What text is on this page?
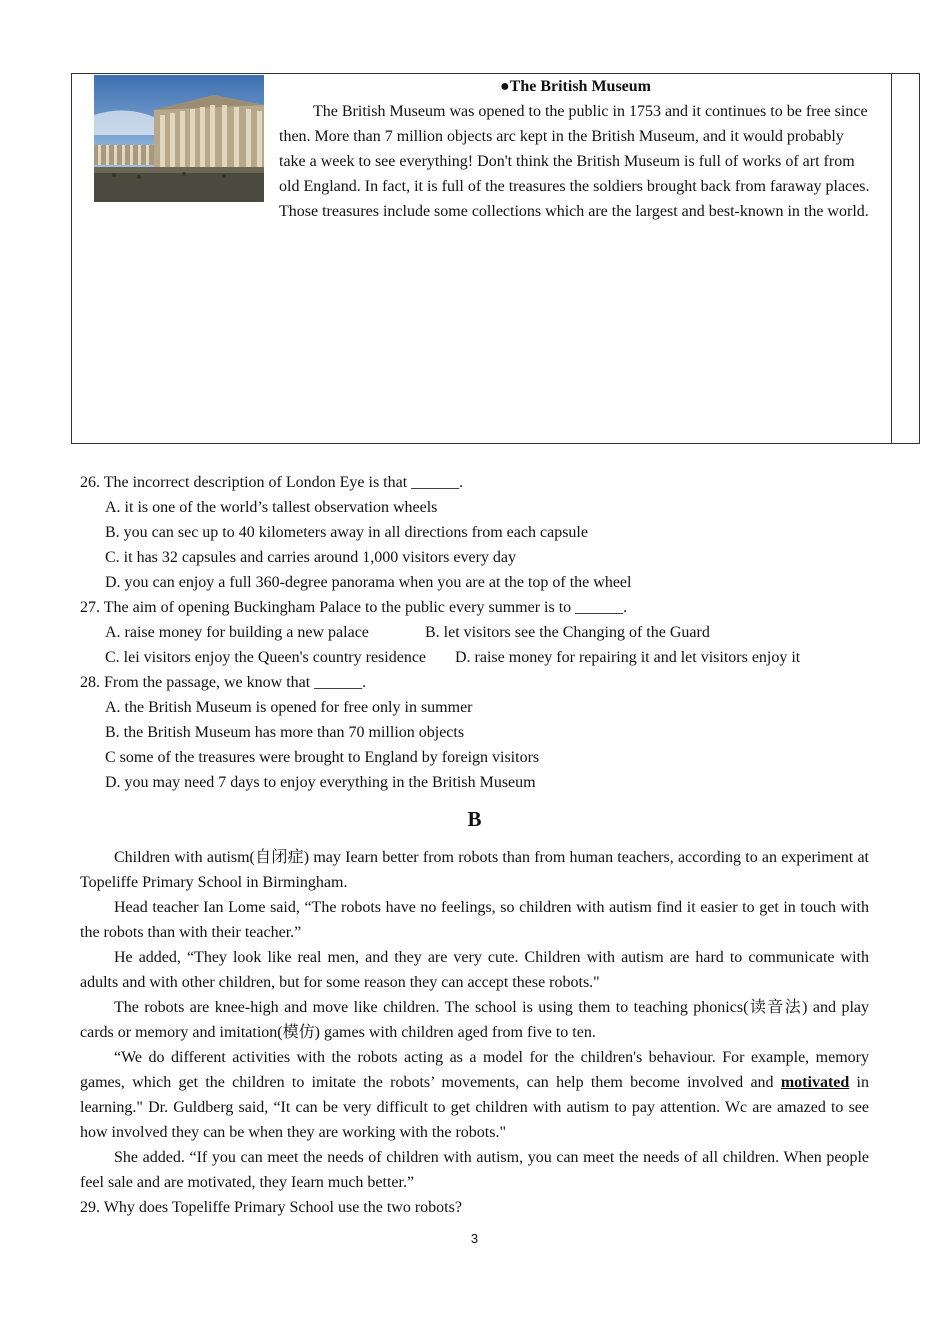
●The British Museum
The British Museum was opened to the public in 1753 and it continues to be free since then. More than 7 million objects arc kept in the British Museum, and it would probably take a week to see everything! Don't think the British Museum is full of works of art from old England. In fact, it is full of the treasures the soldiers brought back from faraway places. Those treasures include some collections which are the largest and best-known in the world.

26. The incorrect description of London Eye is that ______.

A. it is one of the world’s tallest observation wheels

B. you can sec up to 40 kilometers away in all directions from each capsule

C. it has 32 capsules and carries around 1,000 visitors every day

D. you can enjoy a full 360-degree panorama when you are at the top of the wheel

27. The aim of opening Buckingham Palace to the public every summer is to ______.

A. raise money for building a new palace	B. let visitors see the Changing of the Guard
C. lei visitors enjoy the Queen's country residence	D. raise money for repairing it and let visitors enjoy it

28. From the passage, we know that ______.

A. the British Museum is opened for free only in summer

B. the British Museum has more than 70 million objects

C some of the treasures were brought to England by foreign visitors

D. you may need 7 days to enjoy everything in the British Museum

B

Children with autism(自闭症) may Iearn better from robots than from human teachers, according to an experiment at Topeliffe Primary School in Birmingham.

Head teacher Ian Lome said, “The robots have no feelings, so children with autism find it easier to get in touch with the robots than with their teacher.”

He added, “They look like real men, and they are very cute. Children with autism are hard to communicate with adults and with other children, but for some reason they can accept these robots."

The robots are knee-high and move like children. The school is using them to teaching phonics(读音法) and play cards or memory and imitation(模仿) games with children aged from five to ten.

“We do different activities with the robots acting as a model for the children's behaviour. For example, memory games, which get the children to imitate the robots’ movements, can help them become involved and motivated in learning." Dr. Guldberg said, “It can be very difficult to get children with autism to pay attention. Wc are amazed to see how involved they can be when they are working with the robots."

She added. “If you can meet the needs of children with autism, you can meet the needs of all children. When people feel sale and are motivated, they Iearn much better.”

29. Why does Topeliffe Primary School use the two robots?

3
